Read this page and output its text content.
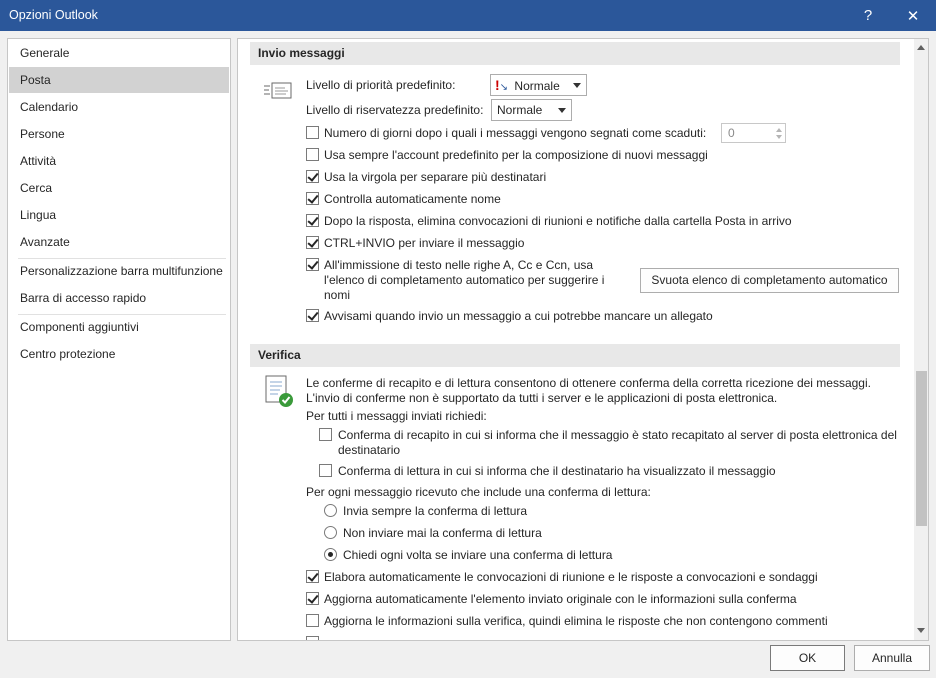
Opzioni Outlook	?	✕
Generale
Posta
Calendario
Persone
Attività
Cerca
Lingua
Avanzate
Personalizzazione barra multifunzione
Barra di accesso rapido
Componenti aggiuntivi
Centro protezione
Invio messaggi
Livello di priorità predefinito:	!↘ Normale
Livello di riservatezza predefinito:	Normale
Numero di giorni dopo i quali i messaggi vengono segnati come scaduti:	0
Usa sempre l'account predefinito per la composizione di nuovi messaggi
Usa la virgola per separare più destinatari
Controlla automaticamente nome
Dopo la risposta, elimina convocazioni di riunioni e notifiche dalla cartella Posta in arrivo
CTRL+INVIO per inviare il messaggio
All'immissione di testo nelle righe A, Cc e Ccn, usa
l'elenco di completamento automatico per suggerire i
nomi
Svuota elenco di completamento automatico
Avvisami quando invio un messaggio a cui potrebbe mancare un allegato
Verifica
Le conferme di recapito e di lettura consentono di ottenere conferma della corretta ricezione dei messaggi.
L'invio di conferme non è supportato da tutti i server e le applicazioni di posta elettronica.
Per tutti i messaggi inviati richiedi:
Conferma di recapito in cui si informa che il messaggio è stato recapitato al server di posta elettronica del
destinatario
Conferma di lettura in cui si informa che il destinatario ha visualizzato il messaggio
Per ogni messaggio ricevuto che include una conferma di lettura:
Invia sempre la conferma di lettura
Non inviare mai la conferma di lettura
Chiedi ogni volta se inviare una conferma di lettura
Elabora automaticamente le convocazioni di riunione e le risposte a convocazioni e sondaggi
Aggiorna automaticamente l'elemento inviato originale con le informazioni sulla conferma
Aggiorna le informazioni sulla verifica, quindi elimina le risposte che non contengono commenti
OK	Annulla
